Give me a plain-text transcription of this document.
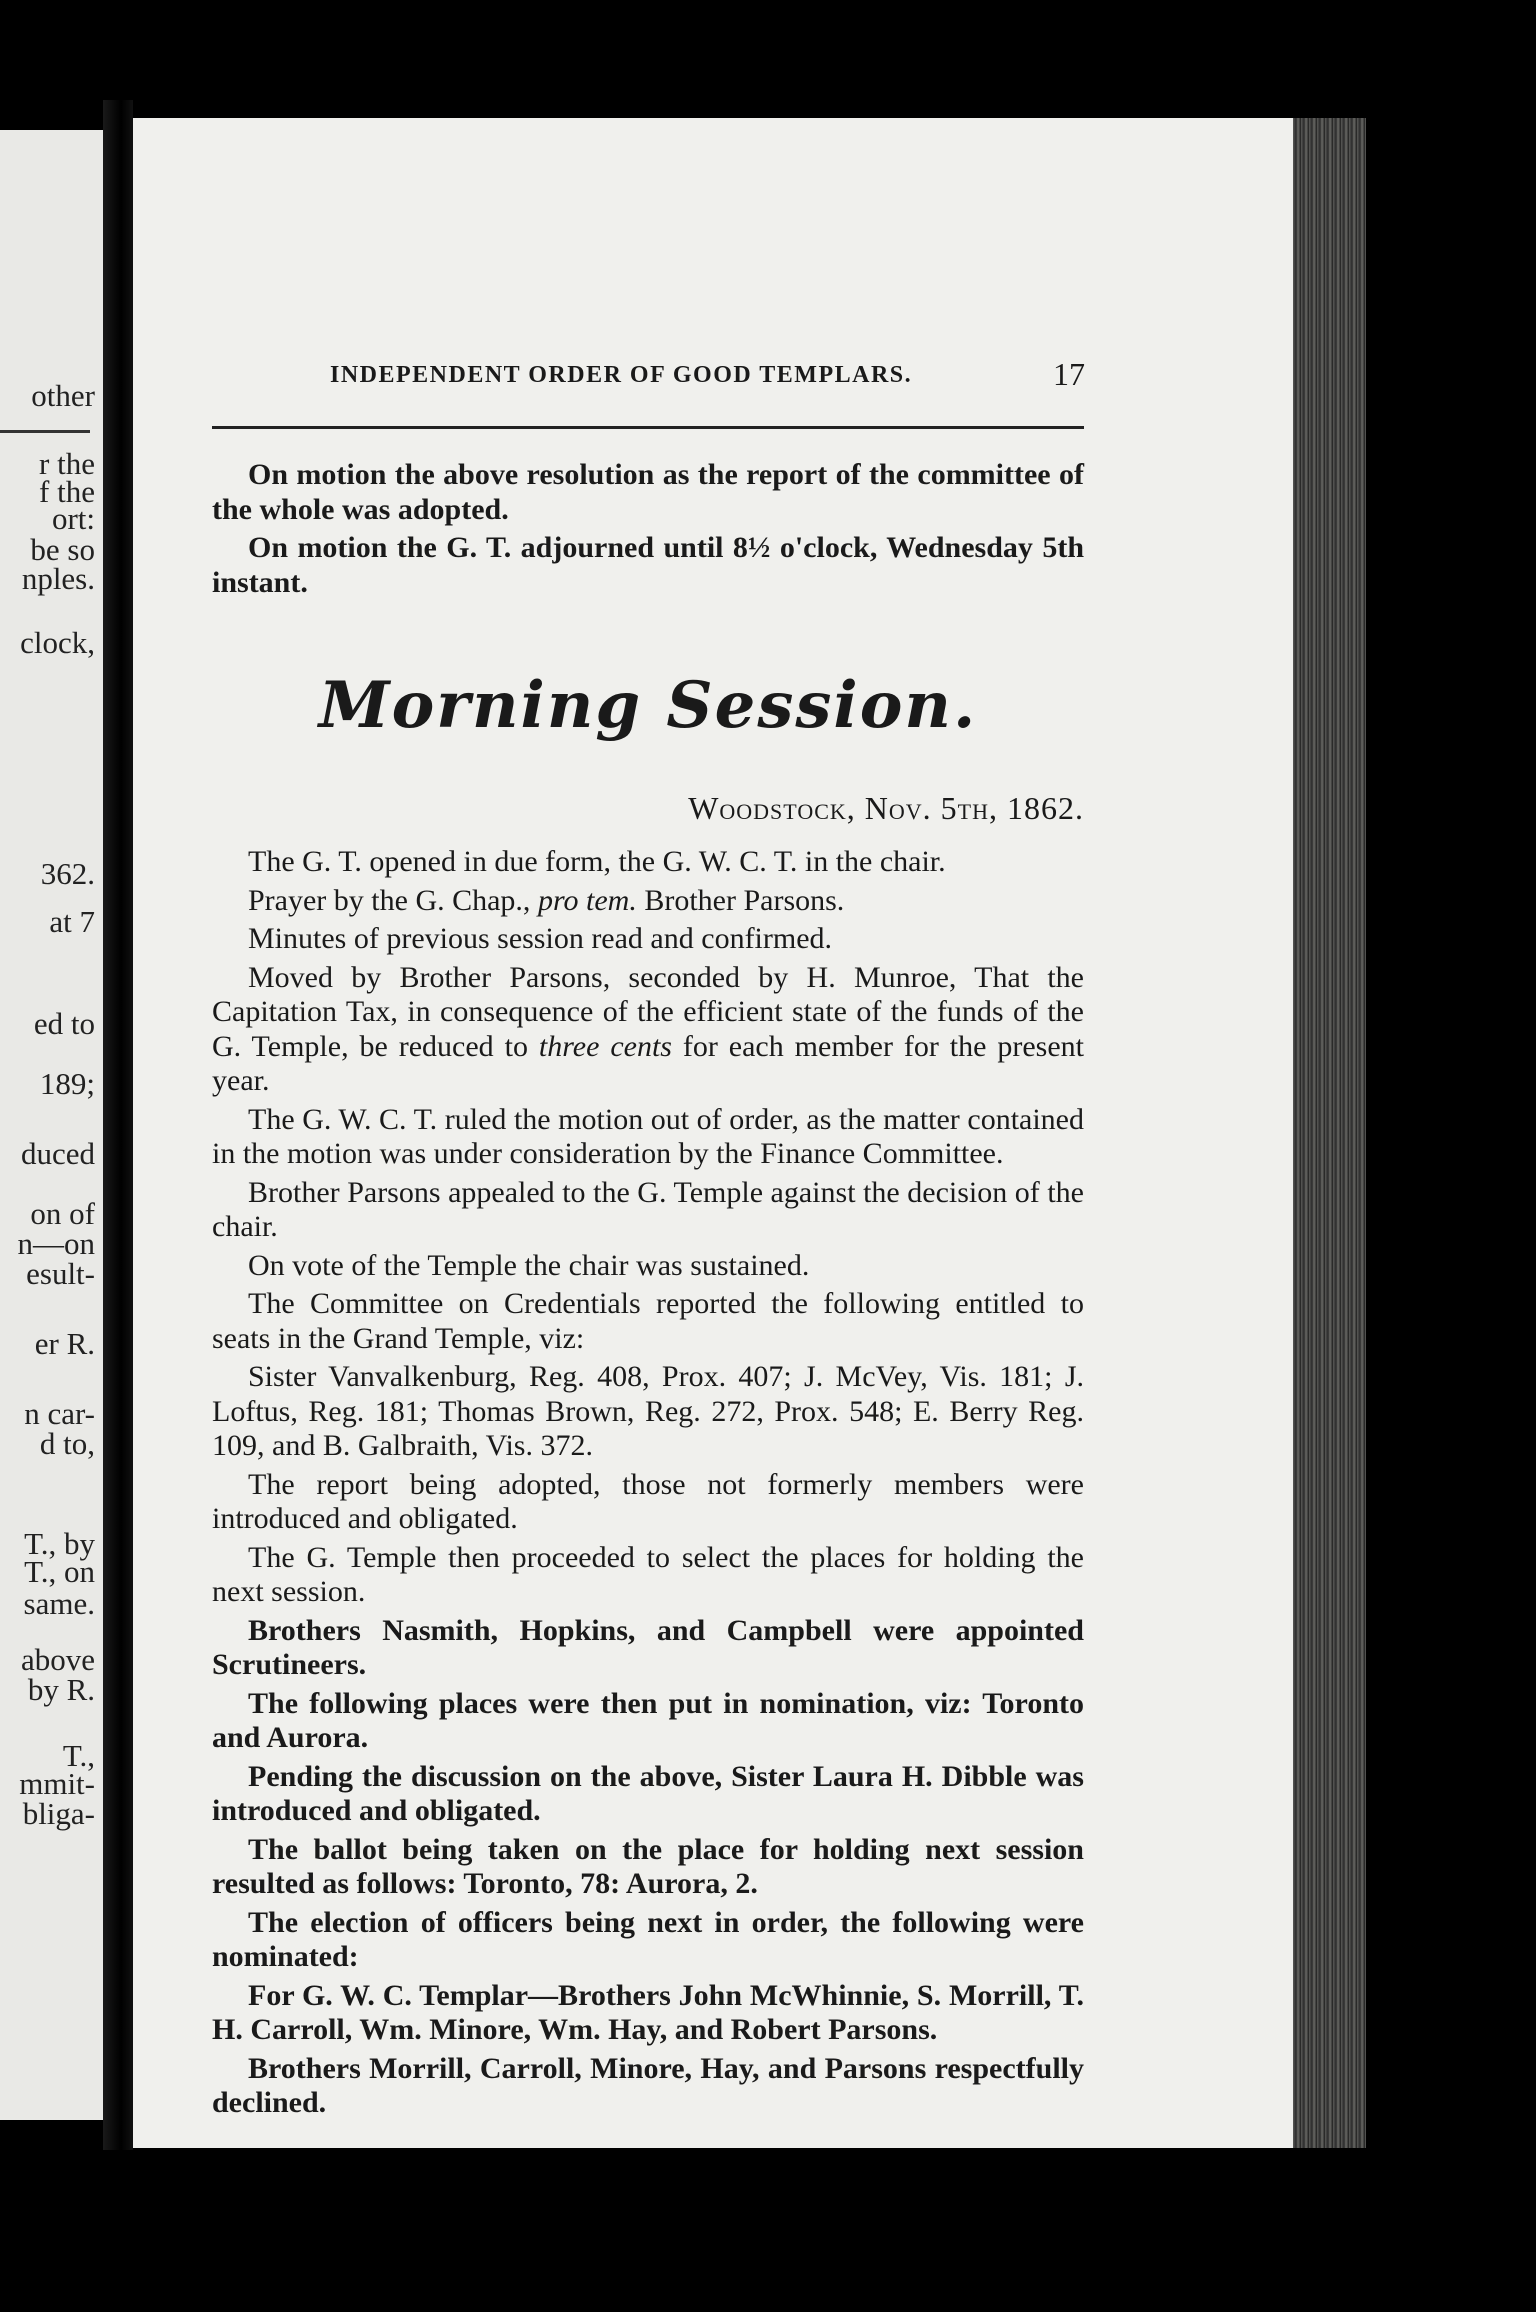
other
r the
f the
ort:
be so
nples.
clock,
362.
at 7
ed to
189;
duced
on of
n—on
esult-
er R.
n car-
d to,
T., by
T., on
same.
above
by R.
T.,
mmit-
bliga-
INDEPENDENT ORDER OF GOOD TEMPLARS.	17

On motion the above resolution as the report of the committee of the whole was adopted.

On motion the G. T. adjourned until 8½ o'clock, Wednesday 5th instant.

Morning Session.
Woodstock, Nov. 5th, 1862.

The G. T. opened in due form, the G. W. C. T. in the chair.

Prayer by the G. Chap., pro tem. Brother Parsons.

Minutes of previous session read and confirmed.

Moved by Brother Parsons, seconded by H. Munroe, That the Capitation Tax, in consequence of the efficient state of the funds of the G. Temple, be reduced to three cents for each member for the present year.

The G. W. C. T. ruled the motion out of order, as the matter contained in the motion was under consideration by the Finance Committee.

Brother Parsons appealed to the G. Temple against the decision of the chair.

On vote of the Temple the chair was sustained.

The Committee on Credentials reported the following entitled to seats in the Grand Temple, viz:

Sister Vanvalkenburg, Reg. 408, Prox. 407; J. McVey, Vis. 181; J. Loftus, Reg. 181; Thomas Brown, Reg. 272, Prox. 548; E. Berry Reg. 109, and B. Galbraith, Vis. 372.

The report being adopted, those not formerly members were introduced and obligated.

The G. Temple then proceeded to select the places for holding the next session.

Brothers Nasmith, Hopkins, and Campbell were appointed Scrutineers.

The following places were then put in nomination, viz: Toronto and Aurora.

Pending the discussion on the above, Sister Laura H. Dibble was introduced and obligated.

The ballot being taken on the place for holding next session resulted as follows: Toronto, 78: Aurora, 2.

The election of officers being next in order, the following were nominated:

For G. W. C. Templar—Brothers John McWhinnie, S. Morrill, T. H. Carroll, Wm. Minore, Wm. Hay, and Robert Parsons.

Brothers Morrill, Carroll, Minore, Hay, and Parsons respectfully declined.
